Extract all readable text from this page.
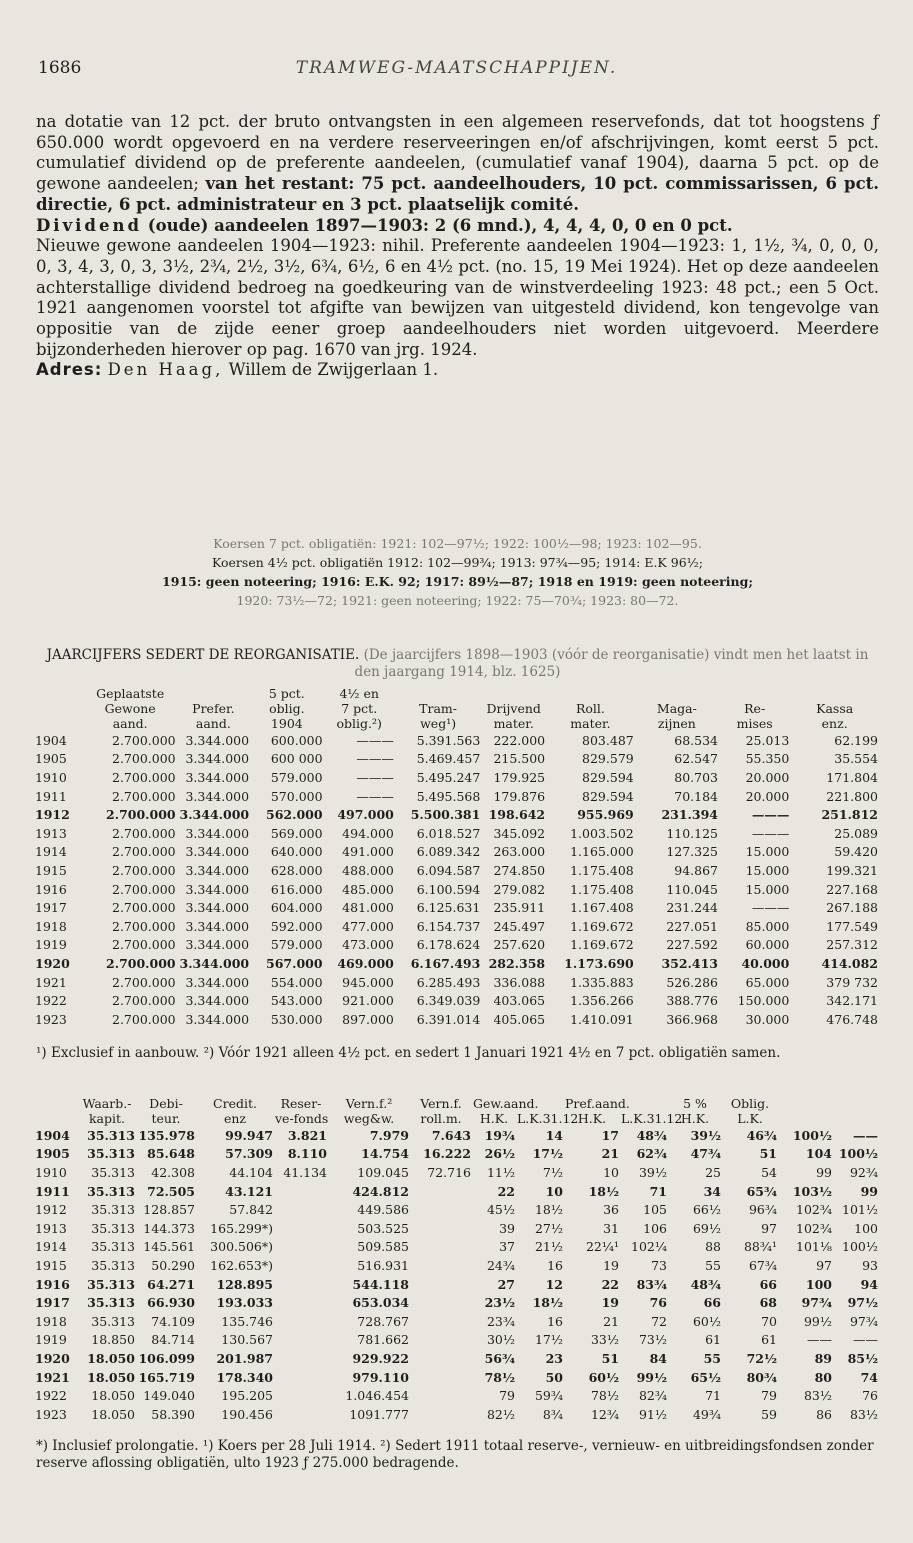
1686	TRAMWEG-MAATSCHAPPIJEN.

na dotatie van 12 pct. der bruto ontvangsten in een algemeen reservefonds, dat tot hoogstens ƒ 650.000 wordt opgevoerd en na verdere reserveeringen en/of afschrijvingen, komt eerst 5 pct. cumulatief dividend op de preferente aandeelen, (cumulatief vanaf 1904), daarna 5 pct. op de gewone aandeelen; van het restant: 75 pct. aandeelhouders, 10 pct. commissarissen, 6 pct. directie, 6 pct. administrateur en 3 pct. plaatselijk comité.

Dividend (oude) aandeelen 1897—1903: 2 (6 mnd.), 4, 4, 4, 0, 0 en 0 pct.

Nieuwe gewone aandeelen 1904—1923: nihil. Preferente aandeelen 1904—1923: 1, 1½, ¾, 0, 0, 0, 0, 3, 4, 3, 0, 3, 3½, 2¾, 2½, 3½, 6¾, 6½, 6 en 4½ pct. (no. 15, 19 Mei 1924). Het op deze aandeelen achterstallige dividend bedroeg na goedkeuring van de winstverdeeling 1923: 48 pct.; een 5 Oct. 1921 aangenomen voorstel tot afgifte van bewijzen van uitgesteld dividend, kon tengevolge van oppositie van de zijde eener groep aandeelhouders niet worden uitgevoerd. Meerdere bijzonderheden hierover op pag. 1670 van jrg. 1924.

Adres: Den Haag, Willem de Zwijgerlaan 1.

Koersen 7 pct. obligatiën: 1921: 102—97½; 1922: 100½—98; 1923: 102—95.
Koersen 4½ pct. obligatiën 1912: 102—99¾; 1913: 97¾—95; 1914: E.K 96½;
1915: geen noteering; 1916: E.K. 92; 1917: 89½—87; 1918 en 1919: geen noteering;
1920: 73½—72; 1921: geen noteering; 1922: 75—70¾; 1923: 80—72.
JAARCIJFERS SEDERT DE REORGANISATIE. (De jaarcijfers 1898—1903 (vóór de reorganisatie) vindt men het laatst in den jaargang 1914, blz. 1625)
	Geplaatste		5 pct.	4½ en						
	Gewone	Prefer.	oblig.	7 pct.	Tram-	Drijvend	Roll.	Maga-	Re-	Kassa
	aand.	aand.	1904	oblig.²)	weg¹)	mater.	mater.	zijnen	mises	enz.
1904	2.700.000	3.344.000	600.000	———	5.391.563	222.000	803.487	68.534	25.013	62.199
1905	2.700.000	3.344.000	600 000	———	5.469.457	215.500	829.579	62.547	55.350	35.554
1910	2.700.000	3.344.000	579.000	———	5.495.247	179.925	829.594	80.703	20.000	171.804
1911	2.700.000	3.344.000	570.000	———	5.495.568	179.876	829.594	70.184	20.000	221.800
1912	2.700.000	3.344.000	562.000	497.000	5.500.381	198.642	955.969	231.394	———	251.812
1913	2.700.000	3.344.000	569.000	494.000	6.018.527	345.092	1.003.502	110.125	———	25.089
1914	2.700.000	3.344.000	640.000	491.000	6.089.342	263.000	1.165.000	127.325	15.000	59.420
1915	2.700.000	3.344.000	628.000	488.000	6.094.587	274.850	1.175.408	94.867	15.000	199.321
1916	2.700.000	3.344.000	616.000	485.000	6.100.594	279.082	1.175.408	110.045	15.000	227.168
1917	2.700.000	3.344.000	604.000	481.000	6.125.631	235.911	1.167.408	231.244	———	267.188
1918	2.700.000	3.344.000	592.000	477.000	6.154.737	245.497	1.169.672	227.051	85.000	177.549
1919	2.700.000	3.344.000	579.000	473.000	6.178.624	257.620	1.169.672	227.592	60.000	257.312
1920	2.700.000	3.344.000	567.000	469.000	6.167.493	282.358	1.173.690	352.413	40.000	414.082
1921	2.700.000	3.344.000	554.000	945.000	6.285.493	336.088	1.335.883	526.286	65.000	379 732
1922	2.700.000	3.344.000	543.000	921.000	6.349.039	403.065	1.356.266	388.776	150.000	342.171
1923	2.700.000	3.344.000	530.000	897.000	6.391.014	405.065	1.410.091	366.968	30.000	476.748
¹) Exclusief in aanbouw. ²) Vóór 1921 alleen 4½ pct. en sedert 1 Januari 1921 4½ en 7 pct. obligatiën samen.
	Waarb.-	Debi-	Credit.	Reser-	Vern.f.²	Vern.f.	Gew.aand.		Pref.aand.		5 %	Oblig.		
	kapit.	teur.	enz	ve-fonds	weg&w.	roll.m.	H.K.	L.K.31.12	H.K.	L.K.31.12	H.K.	L.K.		
1904	35.313	135.978	99.947	3.821	7.979	7.643	19¾	14	17	48¾	39½	46¾	100½	——
1905	35.313	85.648	57.309	8.110	14.754	16.222	26½	17½	21	62¾	47¾	51	104	100½
1910	35.313	42.308	44.104	41.134	109.045	72.716	11½	7½	10	39½	25	54	99	92¾
1911	35.313	72.505	43.121		424.812		22	10	18½	71	34	65¾	103½	99
1912	35.313	128.857	57.842		449.586		45½	18½	36	105	66½	96¾	102¾	101½
1913	35.313	144.373	165.299*)		503.525		39	27½	31	106	69½	97	102¾	100
1914	35.313	145.561	300.506*)		509.585		37	21½	22¼¹	102¼	88	88¾¹	101⅛	100½
1915	35.313	50.290	162.653*)		516.931		24¾	16	19	73	55	67¾	97	93
1916	35.313	64.271	128.895		544.118		27	12	22	83¾	48¾	66	100	94
1917	35.313	66.930	193.033		653.034		23½	18½	19	76	66	68	97¾	97½
1918	35.313	74.109	135.746		728.767		23¾	16	21	72	60½	70	99½	97¾
1919	18.850	84.714	130.567		781.662		30½	17½	33½	73½	61	61	——	——
1920	18.050	106.099	201.987		929.922		56¾	23	51	84	55	72½	89	85½
1921	18.050	165.719	178.340		979.110		78½	50	60½	99½	65½	80¾	80	74
1922	18.050	149.040	195.205		1.046.454		79	59¾	78½	82¾	71	79	83½	76
1923	18.050	58.390	190.456		1091.777		82½	8¾	12¾	91½	49¾	59	86	83½
*) Inclusief prolongatie. ¹) Koers per 28 Juli 1914. ²) Sedert 1911 totaal reserve-, vernieuw- en uitbreidingsfondsen zonder reserve aflossing obligatiën, ulto 1923 ƒ 275.000 bedragende.
